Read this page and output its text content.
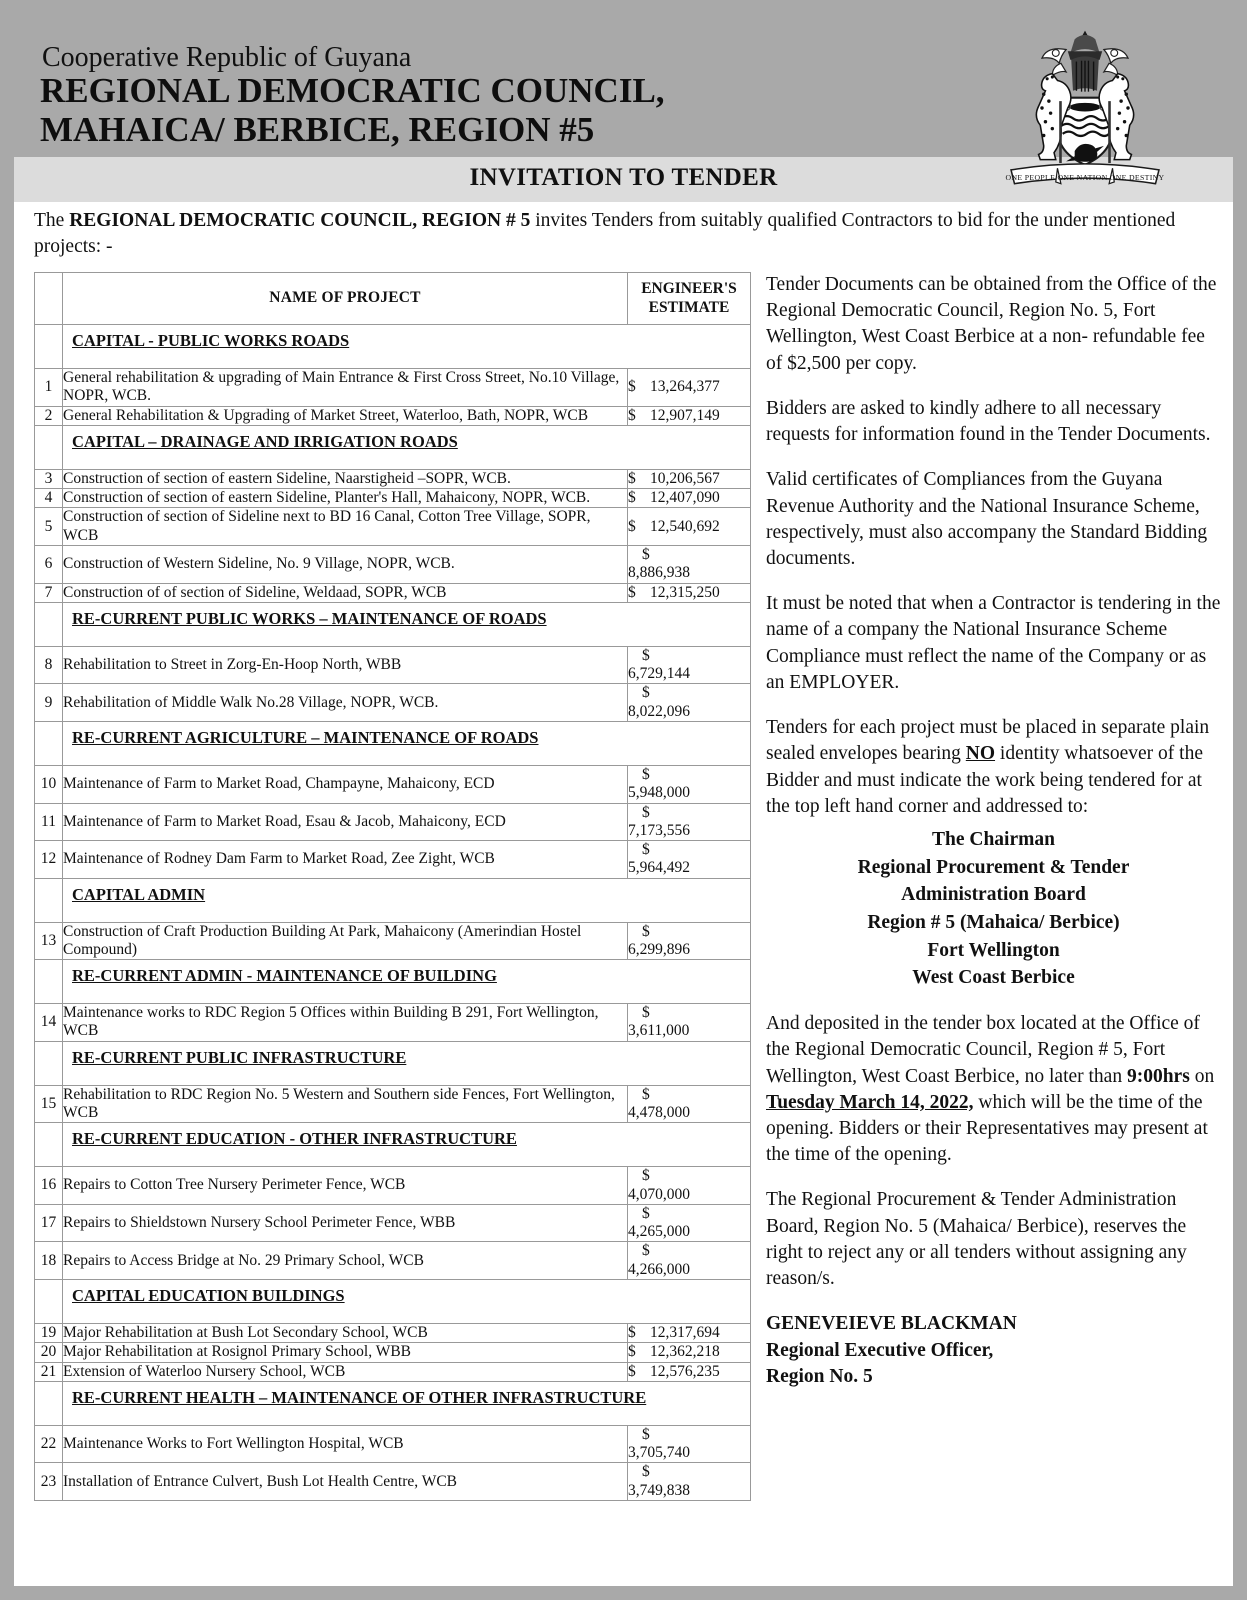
Cooperative Republic of Guyana
REGIONAL DEMOCRATIC COUNCIL,
MAHAICA/ BERBICE, REGION #5
INVITATION TO TENDER	ONE PEOPLE ONE NATION ONE DESTINY
The REGIONAL DEMOCRATIC COUNCIL, REGION # 5 invites Tenders from suitably qualified Contractors to bid for the under mentioned projects: -
	NAME OF PROJECT	ENGINEER'S
ESTIMATE
	CAPITAL - PUBLIC WORKS ROADS	
1	General rehabilitation & upgrading of Main Entrance & First Cross Street, No.10 Village, NOPR, WCB.	$ 13,264,377

2	General Rehabilitation & Upgrading of Market Street, Waterloo, Bath, NOPR, WCB	$ 12,907,149

	CAPITAL – DRAINAGE AND IRRIGATION ROADS	
3	Construction of section of eastern Sideline, Naarstigheid –SOPR, WCB.	$ 10,206,567

4	Construction of section of eastern Sideline, Planter's Hall, Mahaicony, NOPR, WCB.	$ 12,407,090

5	Construction of section of Sideline next to BD 16 Canal, Cotton Tree Village, SOPR, WCB	$ 12,540,692

6	Construction of Western Sideline, No. 9 Village, NOPR, WCB.	$
8,886,938

7	Construction of of section of Sideline, Weldaad, SOPR, WCB	$ 12,315,250

	RE-CURRENT PUBLIC WORKS – MAINTENANCE OF ROADS	
8	Rehabilitation to Street in Zorg-En-Hoop North, WBB	$
6,729,144

9	Rehabilitation of Middle Walk No.28 Village, NOPR, WCB.	$
8,022,096

	RE-CURRENT AGRICULTURE – MAINTENANCE OF ROADS	
10	Maintenance of Farm to Market Road, Champayne, Mahaicony, ECD	$
5,948,000

11	Maintenance of Farm to Market Road, Esau & Jacob, Mahaicony, ECD	$
7,173,556

12	Maintenance of Rodney Dam Farm to Market Road, Zee Zight, WCB	$
5,964,492

	CAPITAL ADMIN	
13	Construction of Craft Production Building At Park, Mahaicony (Amerindian Hostel Compound)	$
6,299,896

	RE-CURRENT ADMIN - MAINTENANCE OF BUILDING	
14	Maintenance works to RDC Region 5 Offices within Building B 291, Fort Wellington, WCB	$
3,611,000

	RE-CURRENT PUBLIC INFRASTRUCTURE	
15	Rehabilitation to RDC Region No. 5 Western and Southern side Fences, Fort Wellington, WCB	$
4,478,000

	RE-CURRENT EDUCATION - OTHER INFRASTRUCTURE	
16	Repairs to Cotton Tree Nursery Perimeter Fence, WCB	$
4,070,000

17	Repairs to Shieldstown Nursery School Perimeter Fence, WBB	$
4,265,000

18	Repairs to Access Bridge at No. 29 Primary School, WCB	$
4,266,000

	CAPITAL EDUCATION BUILDINGS	
19	Major Rehabilitation at Bush Lot Secondary School, WCB	$ 12,317,694

20	Major Rehabilitation at Rosignol Primary School, WBB	$ 12,362,218

21	Extension of Waterloo Nursery School, WCB	$ 12,576,235

	RE-CURRENT HEALTH – MAINTENANCE OF OTHER INFRASTRUCTURE	
22	Maintenance Works to Fort Wellington Hospital, WCB	$
3,705,740

23	Installation of Entrance Culvert, Bush Lot Health Centre, WCB	$
3,749,838

Tender Documents can be obtained from the Office of the Regional Democratic Council, Region No. 5, Fort Wellington, West Coast Berbice at a non- refundable fee of $2,500 per copy.

Bidders are asked to kindly adhere to all necessary requests for information found in the Tender Documents.

Valid certificates of Compliances from the Guyana Revenue Authority and the National Insurance Scheme, respectively, must also accompany the Standard Bidding documents.

It must be noted that when a Contractor is tendering in the name of a company the National Insurance Scheme Compliance must reflect the name of the Company or as an EMPLOYER.

Tenders for each project must be placed in separate plain sealed envelopes bearing NO identity whatsoever of the Bidder and must indicate the work being tendered for at the top left hand corner and addressed to:

The Chairman
Regional Procurement & Tender
Administration Board
Region # 5 (Mahaica/ Berbice)
Fort Wellington
West Coast Berbice

And deposited in the tender box located at the Office of the Regional Democratic Council, Region # 5, Fort Wellington, West Coast Berbice, no later than 9:00hrs on Tuesday March 14, 2022, which will be the time of the opening. Bidders or their Representatives may present at the time of the opening.

The Regional Procurement & Tender Administration Board, Region No. 5 (Mahaica/ Berbice), reserves the right to reject any or all tenders without assigning any reason/s.

GENEVEIEVE BLACKMAN
Regional Executive Officer,
Region No. 5
